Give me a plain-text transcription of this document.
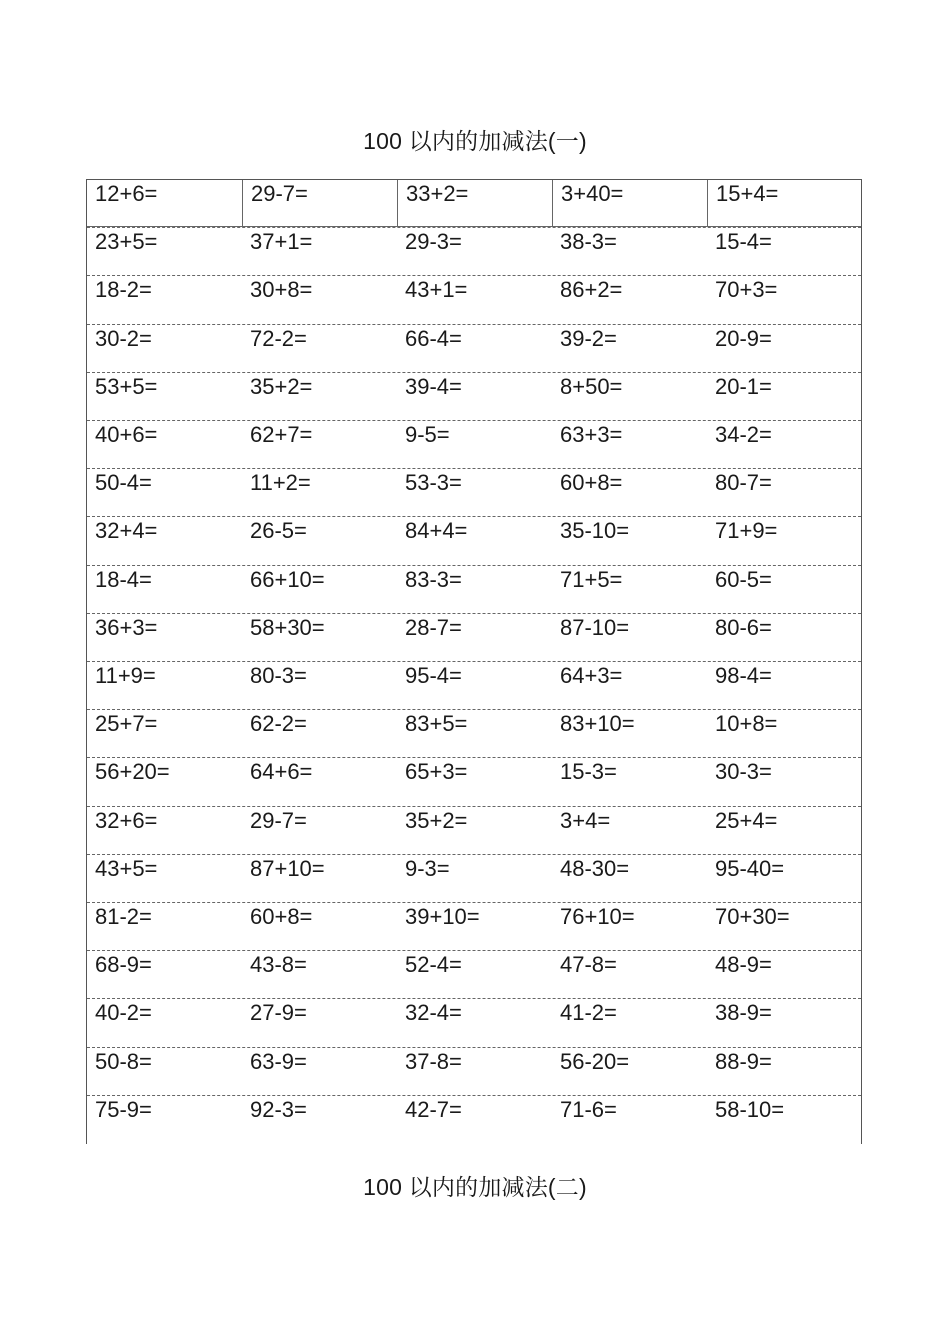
100 以内的加减法(一)
12+6=	29-7=	33+2=	3+40=	15+4=
23+5=	37+1=	29-3=	38-3=	15-4=
18-2=	30+8=	43+1=	86+2=	70+3=
30-2=	72-2=	66-4=	39-2=	20-9=
53+5=	35+2=	39-4=	8+50=	20-1=
40+6=	62+7=	9-5=	63+3=	34-2=
50-4=	11+2=	53-3=	60+8=	80-7=
32+4=	26-5=	84+4=	35-10=	71+9=
18-4=	66+10=	83-3=	71+5=	60-5=
36+3=	58+30=	28-7=	87-10=	80-6=
11+9=	80-3=	95-4=	64+3=	98-4=
25+7=	62-2=	83+5=	83+10=	10+8=
56+20=	64+6=	65+3=	15-3=	30-3=
32+6=	29-7=	35+2=	3+4=	25+4=
43+5=	87+10=	9-3=	48-30=	95-40=
81-2=	60+8=	39+10=	76+10=	70+30=
68-9=	43-8=	52-4=	47-8=	48-9=
40-2=	27-9=	32-4=	41-2=	38-9=
50-8=	63-9=	37-8=	56-20=	88-9=
75-9=	92-3=	42-7=	71-6=	58-10=
100 以内的加减法(二)
